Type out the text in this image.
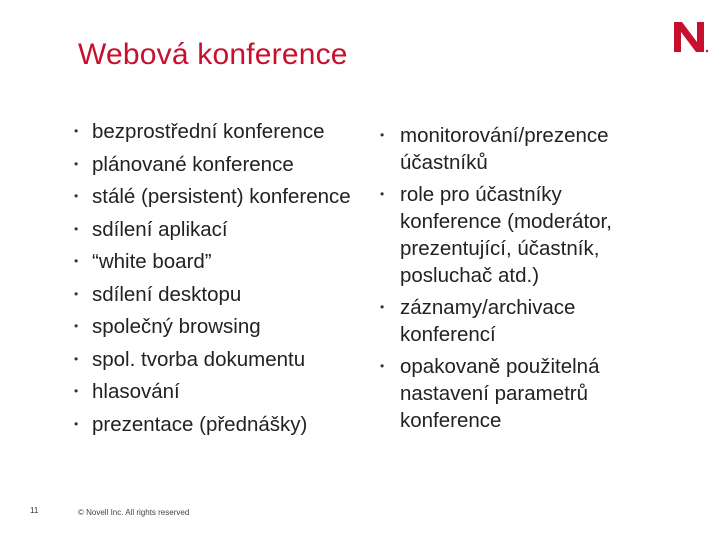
Webová konference
• bezprostřední konference
• plánované konference
• stálé (persistent) konference
• sdílení aplikací
• “white board”
• sdílení desktopu
• společný browsing
• spol. tvorba dokumentu
• hlasování
• prezentace (přednášky)
• monitorování/prezence účastníků
• role pro účastníky konference (moderátor, prezentující, účastník, posluchač atd.)
• záznamy/archivace konferencí
• opakovaně použitelná nastavení parametrů konference
11	© Novell Inc. All rights reserved
